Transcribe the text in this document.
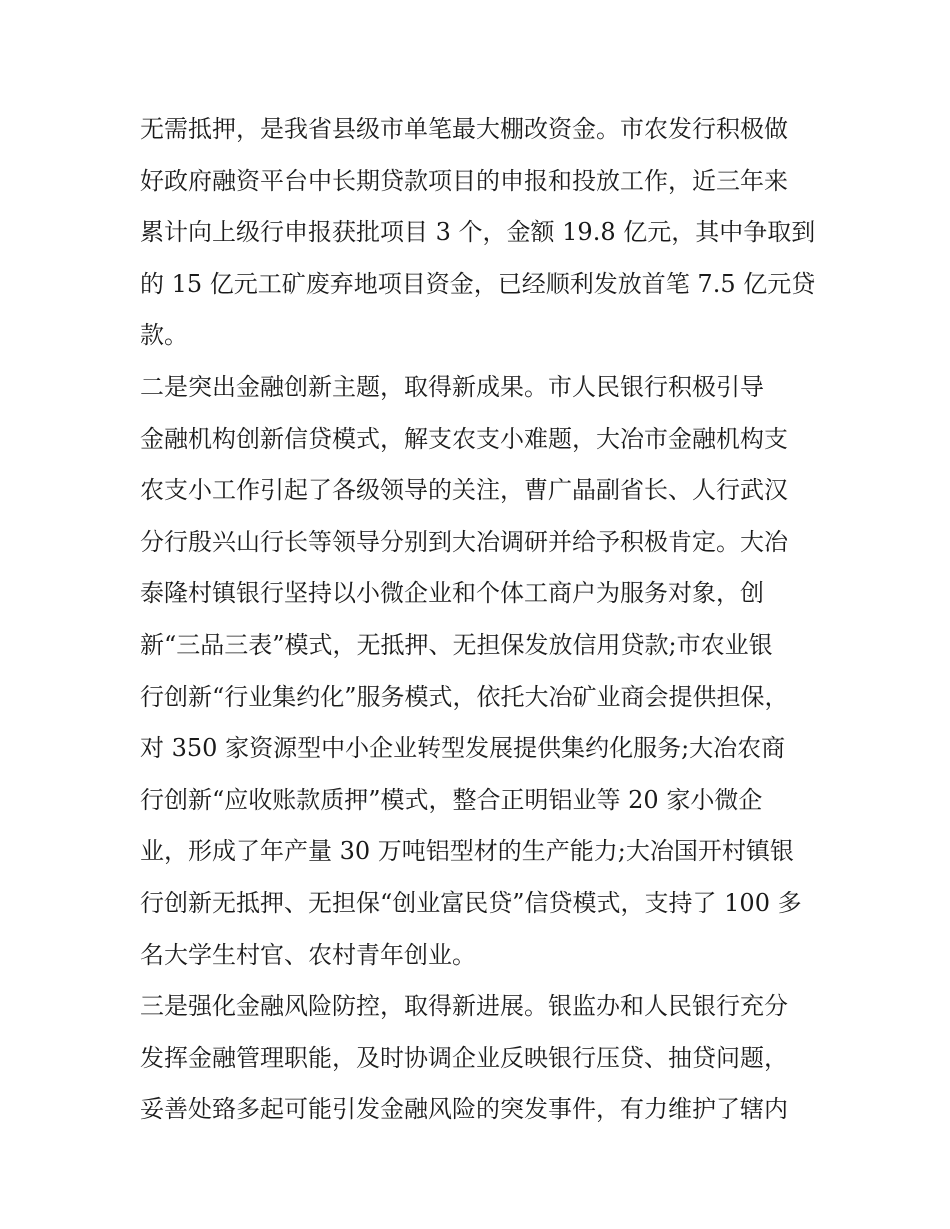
无需抵押，是我省县级市单笔最大棚改资金。市农发行积极做
好政府融资平台中长期贷款项目的申报和投放工作，近三年来
累计向上级行申报获批项目 3 个，金额 19.8 亿元，其中争取到
的 15 亿元工矿废弃地项目资金，已经顺利发放首笔 7.5 亿元贷
款。
二是突出金融创新主题，取得新成果。市人民银行积极引导
金融机构创新信贷模式，解支农支小难题，大冶市金融机构支
农支小工作引起了各级领导的关注，曹广晶副省长、人行武汉
分行殷兴山行长等领导分别到大冶调研并给予积极肯定。大冶
泰隆村镇银行坚持以小微企业和个体工商户为服务对象，创
新“三品三表”模式，无抵押、无担保发放信用贷款;市农业银
行创新“行业集约化”服务模式，依托大冶矿业商会提供担保，
对 350 家资源型中小企业转型发展提供集约化服务;大冶农商
行创新“应收账款质押”模式，整合正明铝业等 20 家小微企
业，形成了年产量 30 万吨铝型材的生产能力;大冶国开村镇银
行创新无抵押、无担保“创业富民贷”信贷模式，支持了 100 多
名大学生村官、农村青年创业。
三是强化金融风险防控，取得新进展。银监办和人民银行充分
发挥金融管理职能，及时协调企业反映银行压贷、抽贷问题，
妥善处臵多起可能引发金融风险的突发事件，有力维护了辖内
